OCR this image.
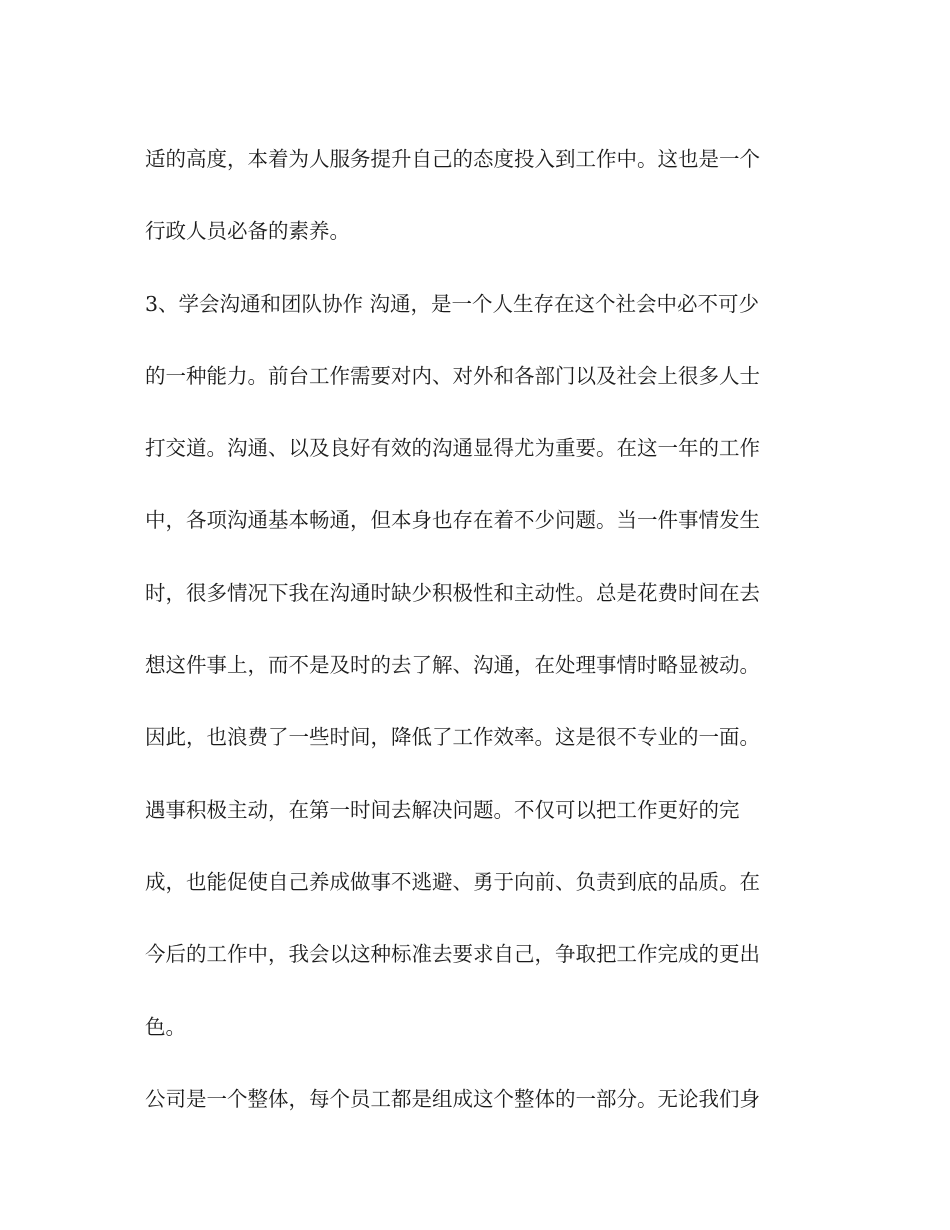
适的高度，本着为人服务提升自己的态度投入到工作中。这也是一个
行政人员必备的素养。
3、学会沟通和团队协作 沟通，是一个人生存在这个社会中必不可少
的一种能力。前台工作需要对内、对外和各部门以及社会上很多人士
打交道。沟通、以及良好有效的沟通显得尤为重要。在这一年的工作
中，各项沟通基本畅通，但本身也存在着不少问题。当一件事情发生
时，很多情况下我在沟通时缺少积极性和主动性。总是花费时间在去
想这件事上，而不是及时的去了解、沟通，在处理事情时略显被动。
因此，也浪费了一些时间，降低了工作效率。这是很不专业的一面。
遇事积极主动，在第一时间去解决问题。不仅可以把工作更好的完
成，也能促使自己养成做事不逃避、勇于向前、负责到底的品质。在
今后的工作中，我会以这种标准去要求自己，争取把工作完成的更出
色。
公司是一个整体，每个员工都是组成这个整体的一部分。无论我们身
